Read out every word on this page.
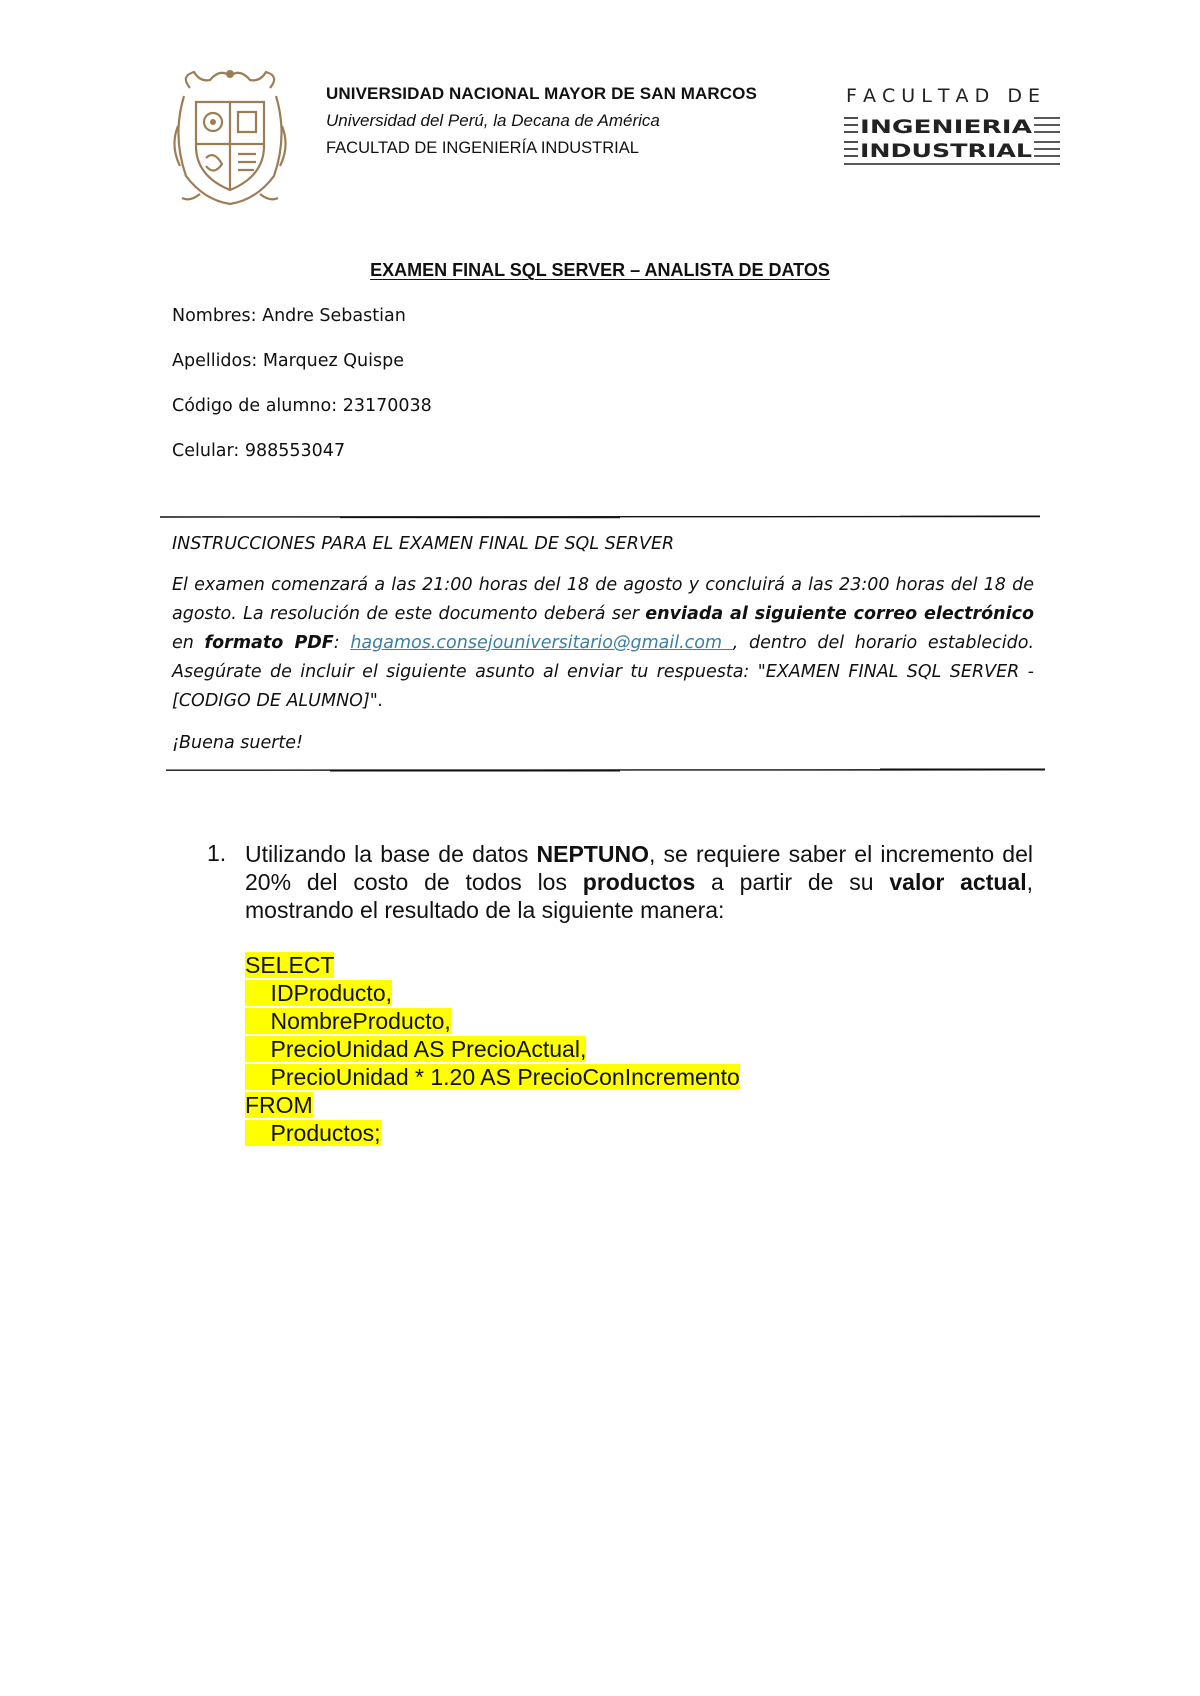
UNIVERSIDAD NACIONAL MAYOR DE SAN MARCOS
Universidad del Perú, la Decana de América
FACULTAD DE INGENIERÍA INDUSTRIAL
F A C U L T A D   D E
INGENIERIA
INDUSTRIAL
EXAMEN FINAL SQL SERVER – ANALISTA DE DATOS
Nombres: Andre Sebastian
Apellidos: Marquez Quispe
Código de alumno: 23170038
Celular: 988553047

INSTRUCCIONES PARA EL EXAMEN FINAL DE SQL SERVER

El examen comenzará a las 21:00 horas del 18 de agosto y concluirá a las 23:00 horas del 18 de agosto. La resolución de este documento deberá ser enviada al siguiente correo electrónico en formato PDF: hagamos.consejouniversitario@gmail.com , dentro del horario establecido. Asegúrate de incluir el siguiente asunto al enviar tu respuesta: "EXAMEN FINAL SQL SERVER - [CODIGO DE ALUMNO]".

¡Buena suerte!

1. Utilizando la base de datos NEPTUNO, se requiere saber el incremento del 20% del costo de todos los productos a partir de su valor actual, mostrando el resultado de la siguiente manera:

SELECT
IDProducto,
NombreProducto,
PrecioUnidad AS PrecioActual,
PrecioUnidad * 1.20 AS PrecioConIncremento
FROM
Productos;
